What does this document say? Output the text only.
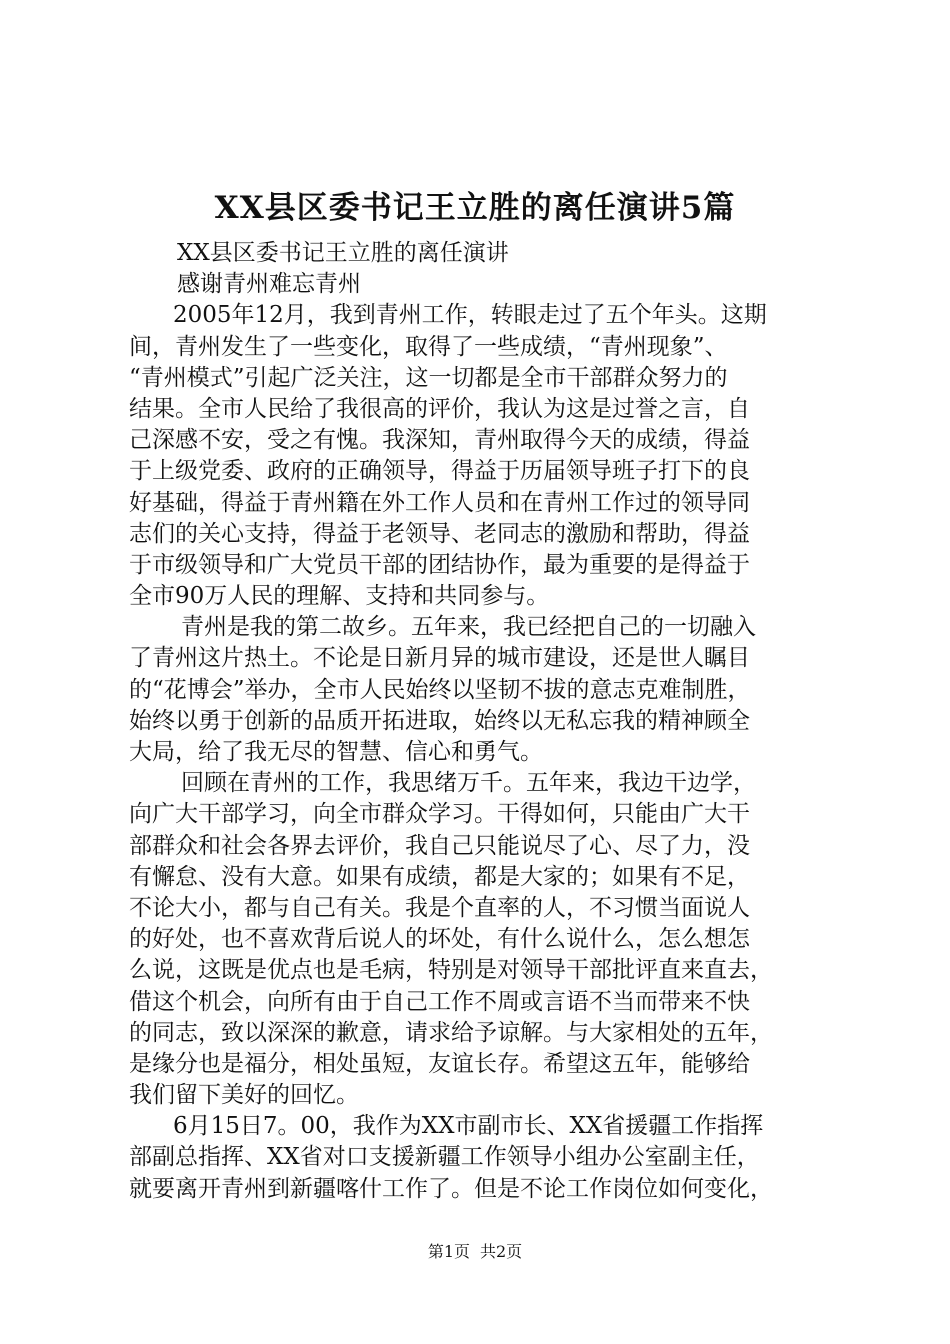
XX县区委书记王立胜的离任演讲5篇
XX县区委书记王立胜的离任演讲
感谢青州难忘青州
2005年12月，我到青州工作，转眼走过了五个年头。这期
间，青州发生了一些变化，取得了一些成绩，“青州现象”、
“青州模式”引起广泛关注，这一切都是全市干部群众努力的
结果。全市人民给了我很高的评价，我认为这是过誉之言，自
己深感不安，受之有愧。我深知，青州取得今天的成绩，得益
于上级党委、政府的正确领导，得益于历届领导班子打下的良
好基础，得益于青州籍在外工作人员和在青州工作过的领导同
志们的关心支持，得益于老领导、老同志的激励和帮助，得益
于市级领导和广大党员干部的团结协作，最为重要的是得益于
全市90万人民的理解、支持和共同参与。
青州是我的第二故乡。五年来，我已经把自己的一切融入
了青州这片热土。不论是日新月异的城市建设，还是世人瞩目
的“花博会”举办，全市人民始终以坚韧不拔的意志克难制胜，
始终以勇于创新的品质开拓进取，始终以无私忘我的精神顾全
大局，给了我无尽的智慧、信心和勇气。
回顾在青州的工作，我思绪万千。五年来，我边干边学，
向广大干部学习，向全市群众学习。干得如何，只能由广大干
部群众和社会各界去评价，我自己只能说尽了心、尽了力，没
有懈怠、没有大意。如果有成绩，都是大家的；如果有不足，
不论大小，都与自己有关。我是个直率的人，不习惯当面说人
的好处，也不喜欢背后说人的坏处，有什么说什么，怎么想怎
么说，这既是优点也是毛病，特别是对领导干部批评直来直去，
借这个机会，向所有由于自己工作不周或言语不当而带来不快
的同志，致以深深的歉意，请求给予谅解。与大家相处的五年，
是缘分也是福分，相处虽短，友谊长存。希望这五年，能够给
我们留下美好的回忆。
6月15日7。00，我作为XX市副市长、XX省援疆工作指挥
部副总指挥、XX省对口支援新疆工作领导小组办公室副主任，
就要离开青州到新疆喀什工作了。但是不论工作岗位如何变化，
第1页 共2页
